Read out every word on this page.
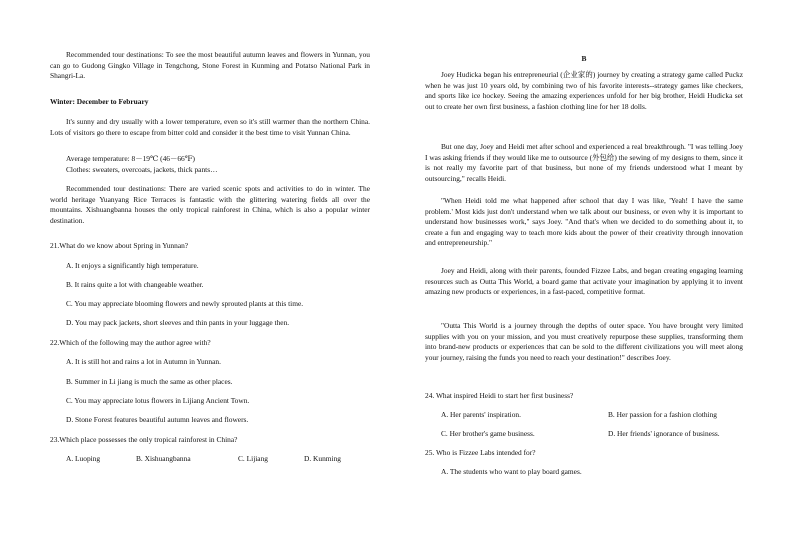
Recommended tour destinations: To see the most beautiful autumn leaves and flowers in Yunnan, you can go to Gudong Gingko Village in Tengchong, Stone Forest in Kunming and Potatso National Park in Shangri-La.

Winter: December to February

It's sunny and dry usually with a lower temperature, even so it's still warmer than the northern China. Lots of visitors go there to escape from bitter cold and consider it the best time to visit Yunnan China.

Average temperature: 8－19℃ (46－66℉)

Clothes: sweaters, overcoats, jackets, thick pants…

Recommended tour destinations: There are varied scenic spots and activities to do in winter. The world heritage Yuanyang Rice Terraces is fantastic with the glittering watering fields all over the mountains. Xishuangbanna houses the only tropical rainforest in China, which is also a popular winter destination.

21.What do we know about Spring in Yunnan?

A. It enjoys a significantly high temperature.

B. It rains quite a lot with changeable weather.

C. You may appreciate blooming flowers and newly sprouted plants at this time.

D. You may pack jackets, short sleeves and thin pants in your luggage then.

22.Which of the following may the author agree with?

A. It is still hot and rains a lot in Autumn in Yunnan.

B. Summer in Li jiang is much the same as other places.

C. You may appreciate lotus flowers in Lijiang Ancient Town.

D. Stone Forest features beautiful autumn leaves and flowers.

23.Which place possesses the only tropical rainforest in China?

A. Luoping	B. Xishuangbanna	C. Lijiang	D. Kunming

B

Joey Hudicka began his entrepreneurial (企业家的) journey by creating a strategy game called Puckz when he was just 10 years old, by combining two of his favorite interests--strategy games like checkers, and sports like ice hockey. Seeing the amazing experiences unfold for her big brother, Heidi Hudicka set out to create her own first business, a fashion clothing line for her 18 dolls.

But one day, Joey and Heidi met after school and experienced a real breakthrough. "I was telling Joey I was asking friends if they would like me to outsource (外包给) the sewing of my designs to them, since it is not really my favorite part of that business, but none of my friends understood what I meant by outsourcing," recalls Heidi.

"When Heidi told me what happened after school that day I was like, 'Yeah! I have the same problem.' Most kids just don't understand when we talk about our business, or even why it is important to understand how businesses work," says Joey. "And that's when we decided to do something about it, to create a fun and engaging way to teach more kids about the power of their creativity through innovation and entrepreneurship."

Joey and Heidi, along with their parents, founded Fizzee Labs, and began creating engaging learning resources such as Outta This World, a board game that activate your imagination by applying it to invent amazing new products or experiences, in a fast-paced, competitive format.

"Outta This World is a journey through the depths of outer space. You have brought very limited supplies with you on your mission, and you must creatively repurpose these supplies, transforming them into brand-new products or experiences that can be sold to the different civilizations you will meet along your journey, raising the funds you need to reach your destination!" describes Joey.

24. What inspired Heidi to start her first business?

A. Her parents' inspiration.	B. Her passion for a fashion clothing
C. Her brother's game business.	D. Her friends' ignorance of business.

25. Who is Fizzee Labs intended for?

A. The students who want to play board games.
